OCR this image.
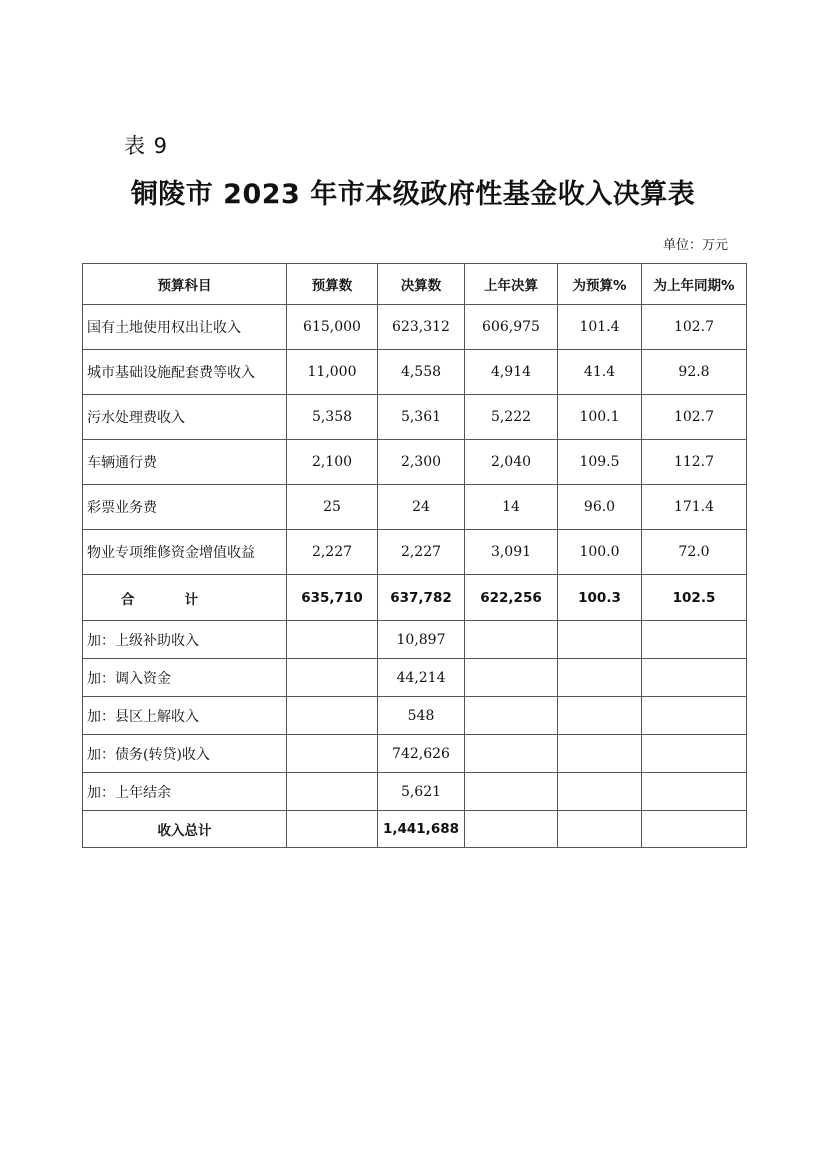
表 9
铜陵市 2023 年市本级政府性基金收入决算表
单位：万元
预算科目	预算数	决算数	上年决算	为预算%	为上年同期%
国有土地使用权出让收入	615,000	623,312	606,975	101.4	102.7
城市基础设施配套费等收入	11,000	4,558	4,914	41.4	92.8
污水处理费收入	5,358	5,361	5,222	100.1	102.7
车辆通行费	2,100	2,300	2,040	109.5	112.7
彩票业务费	25	24	14	96.0	171.4
物业专项维修资金增值收益	2,227	2,227	3,091	100.0	72.0
合计	635,710	637,782	622,256	100.3	102.5
加：上级补助收入		10,897			
加：调入资金		44,214			
加：县区上解收入		548			
加：债务(转贷)收入		742,626			
加：上年结余		5,621			
收入总计		1,441,688			
